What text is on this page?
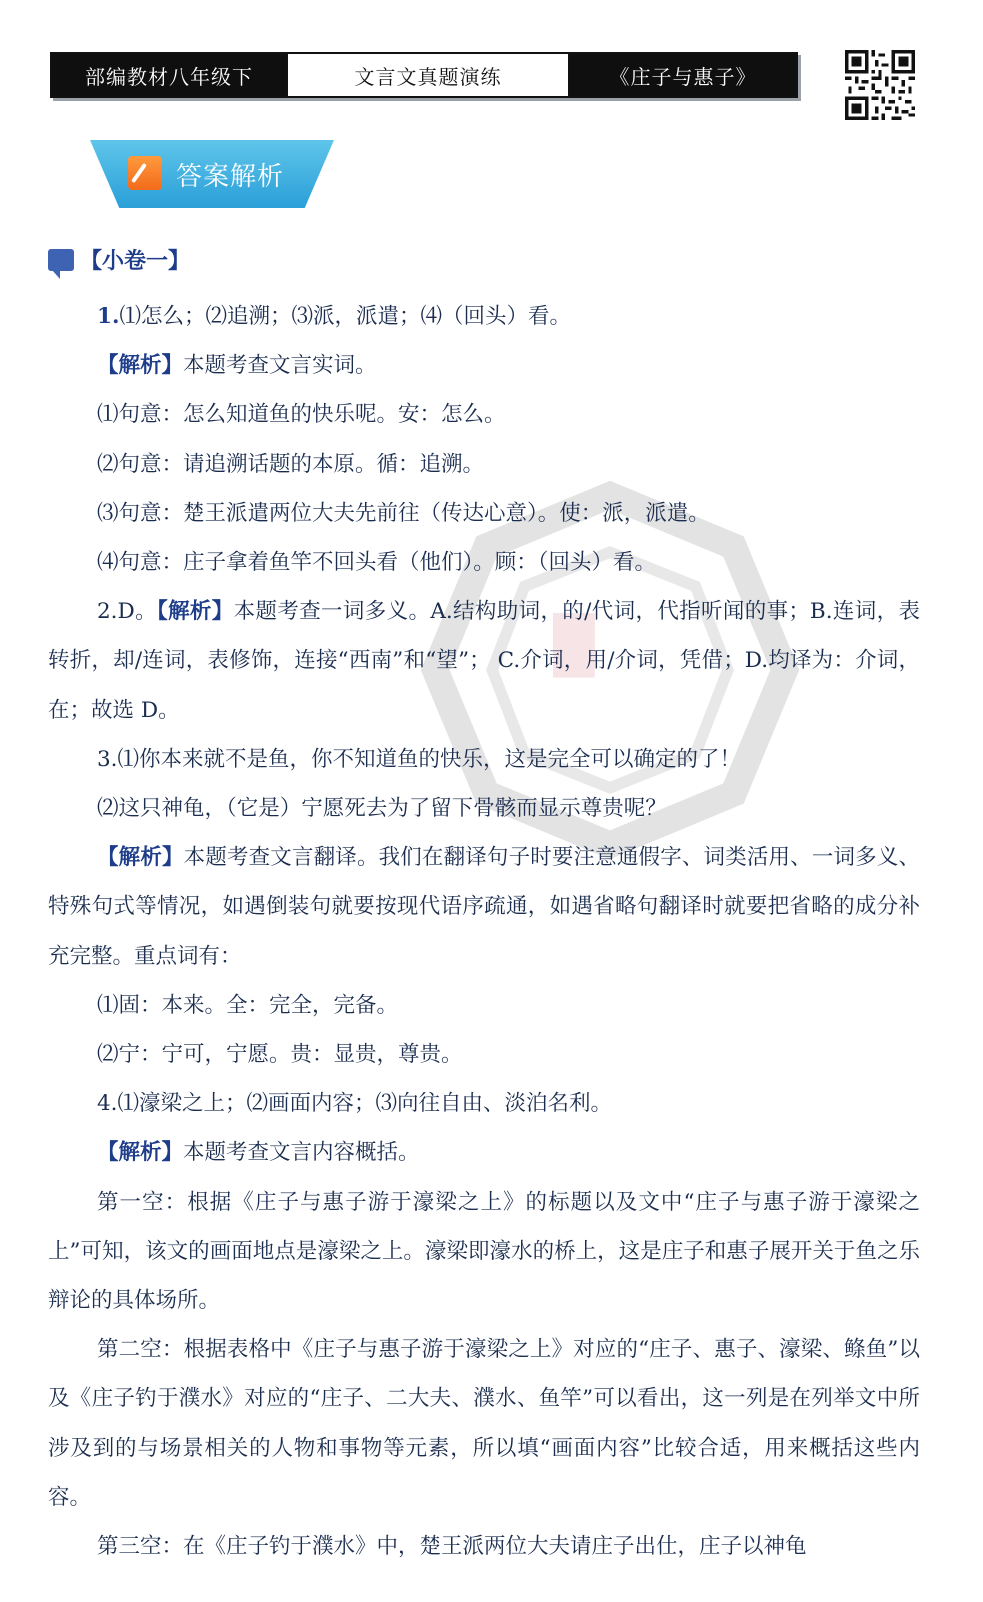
部编教材八年级下	文言文真题演练	《庄子与惠子》
答案解析
【小卷一】

1.⑴怎么；⑵追溯；⑶派，派遣；⑷（回头）看。

【解析】本题考查文言实词。

⑴句意：怎么知道鱼的快乐呢。安：怎么。

⑵句意：请追溯话题的本原。循：追溯。

⑶句意：楚王派遣两位大夫先前往（传达心意）。使：派，派遣。

⑷句意：庄子拿着鱼竿不回头看（他们）。顾：（回头）看。

2.D。【解析】本题考查一词多义。A.结构助词，的/代词，代指听闻的事；B.连词，表转折，却/连词，表修饰，连接“西南”和“望”； C.介词，用/介词，凭借；D.均译为：介词，在；故选 D。

3.⑴你本来就不是鱼，你不知道鱼的快乐，这是完全可以确定的了！

⑵这只神龟，（它是）宁愿死去为了留下骨骸而显示尊贵呢？

【解析】本题考查文言翻译。我们在翻译句子时要注意通假字、词类活用、一词多义、特殊句式等情况，如遇倒装句就要按现代语序疏通，如遇省略句翻译时就要把省略的成分补充完整。重点词有：

⑴固：本来。全：完全，完备。

⑵宁：宁可，宁愿。贵：显贵，尊贵。

4.⑴濠梁之上；⑵画面内容；⑶向往自由、淡泊名利。

【解析】本题考查文言内容概括。

第一空：根据《庄子与惠子游于濠梁之上》的标题以及文中“庄子与惠子游于濠梁之上”可知，该文的画面地点是濠梁之上。濠梁即濠水的桥上，这是庄子和惠子展开关于鱼之乐辩论的具体场所。

第二空：根据表格中《庄子与惠子游于濠梁之上》对应的“庄子、惠子、濠梁、鲦鱼”以及《庄子钓于濮水》对应的“庄子、二大夫、濮水、鱼竿”可以看出，这一列是在列举文中所涉及到的与场景相关的人物和事物等元素，所以填“画面内容”比较合适，用来概括这些内容。

第三空：在《庄子钓于濮水》中，楚王派两位大夫请庄子出仕，庄子以神龟
